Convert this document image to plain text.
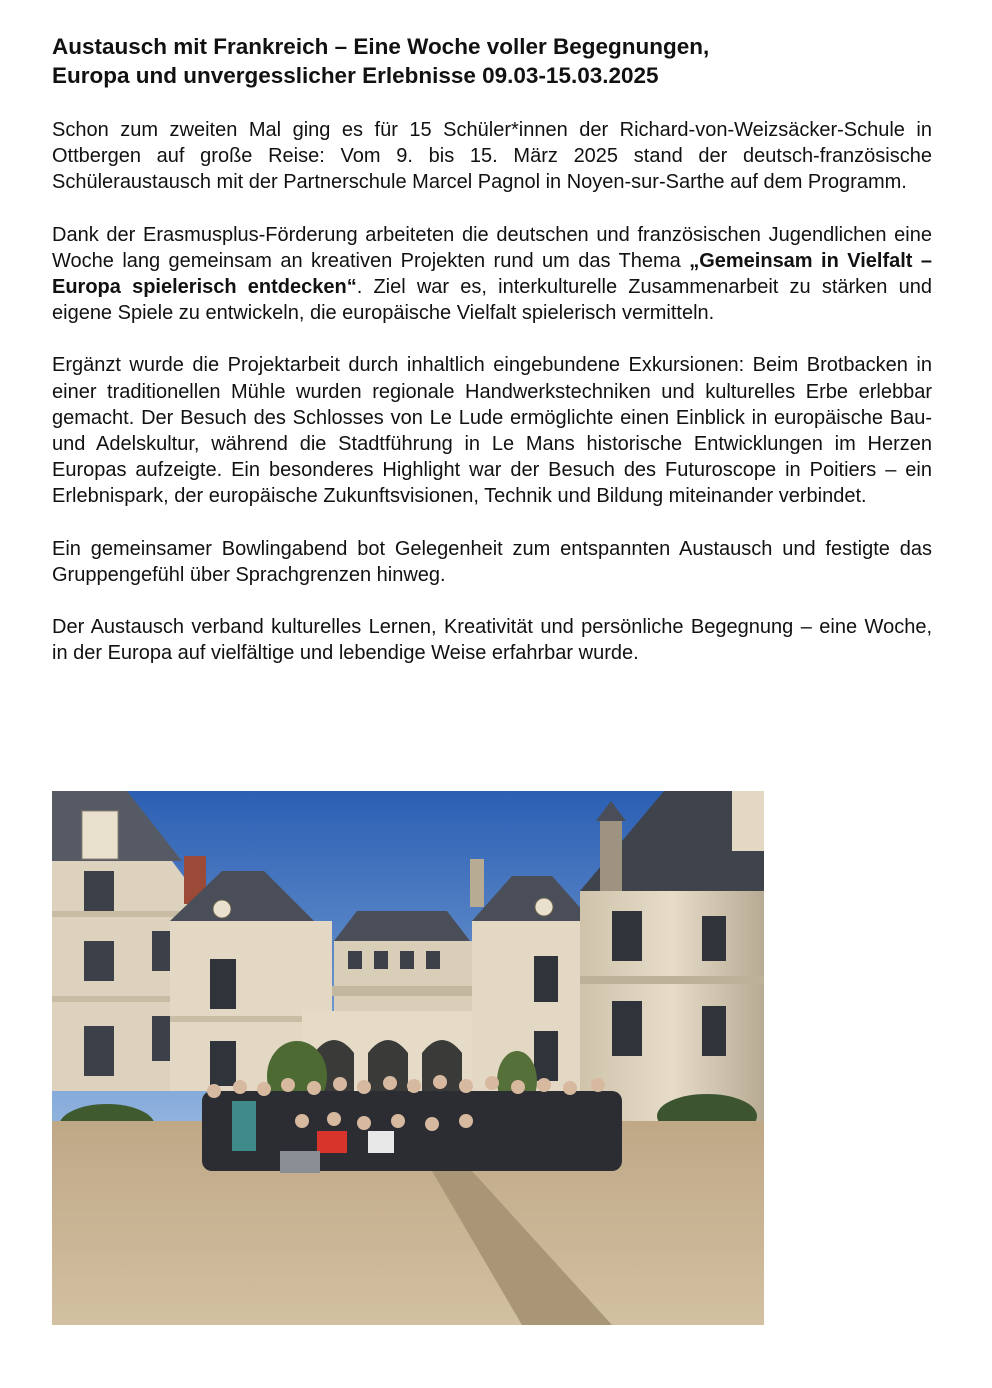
Austausch mit Frankreich – Eine Woche voller Begegnungen,
Europa und unvergesslicher Erlebnisse 09.03-15.03.2025

Schon zum zweiten Mal ging es für 15 Schüler*innen der Richard-von-Weizsäcker-Schule in Ottbergen auf große Reise: Vom 9. bis 15. März 2025 stand der deutsch-französische Schüleraustausch mit der Partnerschule Marcel Pagnol in Noyen-sur-Sarthe auf dem Programm.

Dank der Erasmusplus-Förderung arbeiteten die deutschen und französischen Jugendlichen eine Woche lang gemeinsam an kreativen Projekten rund um das Thema „Gemeinsam in Vielfalt – Europa spielerisch entdecken“. Ziel war es, interkulturelle Zusammenarbeit zu stärken und eigene Spiele zu entwickeln, die europäische Vielfalt spielerisch vermitteln.

Ergänzt wurde die Projektarbeit durch inhaltlich eingebundene Exkursionen: Beim Brotbacken in einer traditionellen Mühle wurden regionale Handwerkstechniken und kulturelles Erbe erlebbar gemacht. Der Besuch des Schlosses von Le Lude ermöglichte einen Einblick in europäische Bau- und Adelskultur, während die Stadtführung in Le Mans historische Entwicklungen im Herzen Europas aufzeigte. Ein besonderes Highlight war der Besuch des Futuroscope in Poitiers – ein Erlebnispark, der europäische Zukunftsvisionen, Technik und Bildung miteinander verbindet.

Ein gemeinsamer Bowlingabend bot Gelegenheit zum entspannten Austausch und festigte das Gruppengefühl über Sprachgrenzen hinweg.

Der Austausch verband kulturelles Lernen, Kreativität und persönliche Begegnung – eine Woche, in der Europa auf vielfältige und lebendige Weise erfahrbar wurde.
